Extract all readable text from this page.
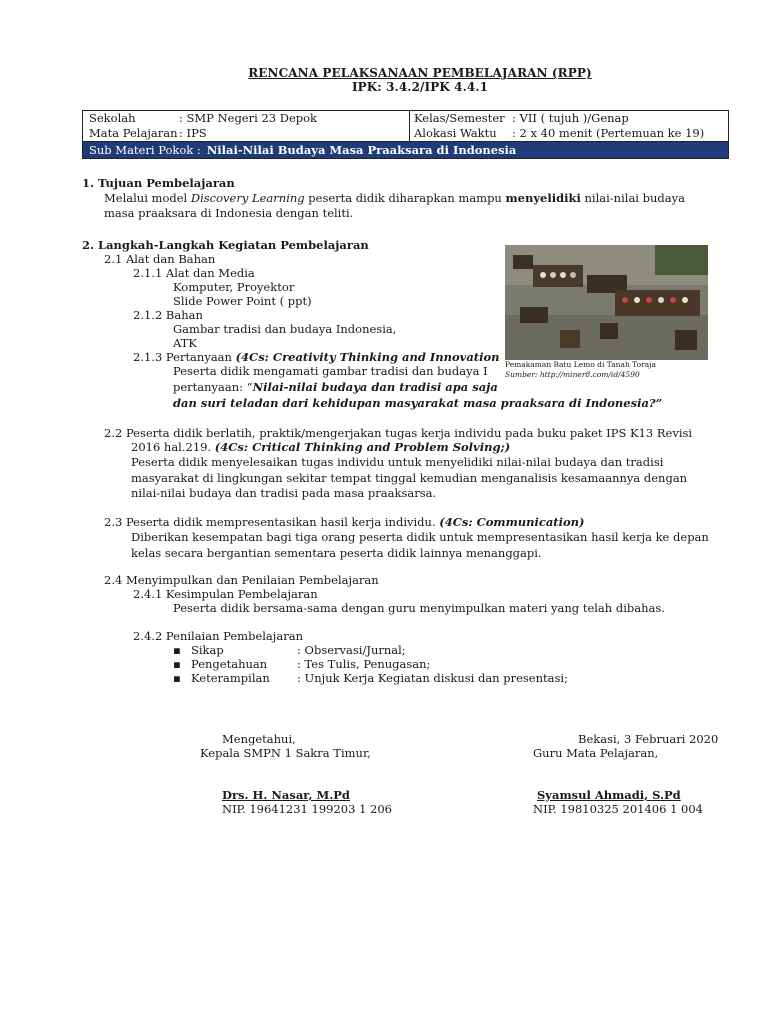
RENCANA PELAKSANAAN PEMBELAJARAN (RPP)
IPK: 3.4.2/IPK 4.4.1
Sekolah	: SMP Negeri 23 Depok	Kelas/Semester : VII ( tujuh )/Genap
Mata Pelajaran: IPS	Alokasi Waktu : 2 x 40 menit (Pertemuan ke 19)
Sub Materi Pokok : Nilai-Nilai Budaya Masa Praaksara di Indonesia
1. Tujuan Pembelajaran
Melalui model Discovery Learning peserta didik diharapkan mampu menyelidiki nilai-nilai budaya
masa praaksara di Indonesia dengan teliti.
2. Langkah-Langkah Kegiatan Pembelajaran
2.1 Alat dan Bahan
2.1.1 Alat dan Media
Komputer, Proyektor
Slide Power Point ( ppt)
2.1.2 Bahan
Gambar tradisi dan budaya Indonesia,
ATK
2.1.3 Pertanyaan (4Cs: Creativity Thinking and Innovation
Peserta didik mengamati gambar tradisi dan budaya I
pertanyaan: “Nilai-nilai budaya dan tradisi apa saja
dan suri teladan dari kehidupan masyarakat masa praaksara di Indonesia?”
Pemakaman Batu Lemo di Tanah Toraja
Sumber: http://miner8.com/id/4590
2.2 Peserta didik berlatih, praktik/mengerjakan tugas kerja individu pada buku paket IPS K13 Revisi
2016 hal.219. (4Cs: Critical Thinking and Problem Solving;)
Peserta didik menyelesaikan tugas individu untuk menyelidiki nilai-nilai budaya dan tradisi
masyarakat di lingkungan sekitar tempat tinggal kemudian menganalisis kesamaannya dengan
nilai-nilai budaya dan tradisi pada masa praaksarsa.
2.3 Peserta didik mempresentasikan hasil kerja individu. (4Cs: Communication)
Diberikan kesempatan bagi tiga orang peserta didik untuk mempresentasikan hasil kerja ke depan
kelas secara bergantian sementara peserta didik lainnya menanggapi.
2.4 Menyimpulkan dan Penilaian Pembelajaran
2.4.1 Kesimpulan Pembelajaran
Peserta didik bersama-sama dengan guru menyimpulkan materi yang telah dibahas.
2.4.2 Penilaian Pembelajaran
▪ Sikap	: Observasi/Jurnal;
▪ Pengetahuan	: Tes Tulis, Penugasan;
▪ Keterampilan : Unjuk Kerja Kegiatan diskusi dan presentasi;
Mengetahui,
Kepala SMPN 1 Sakra Timur,
Drs. H. Nasar, M.Pd
NIP. 19641231 199203 1 206
Bekasi, 3 Februari 2020
Guru Mata Pelajaran,
Syamsul Ahmadi, S.Pd
NIP. 19810325 201406 1 004
